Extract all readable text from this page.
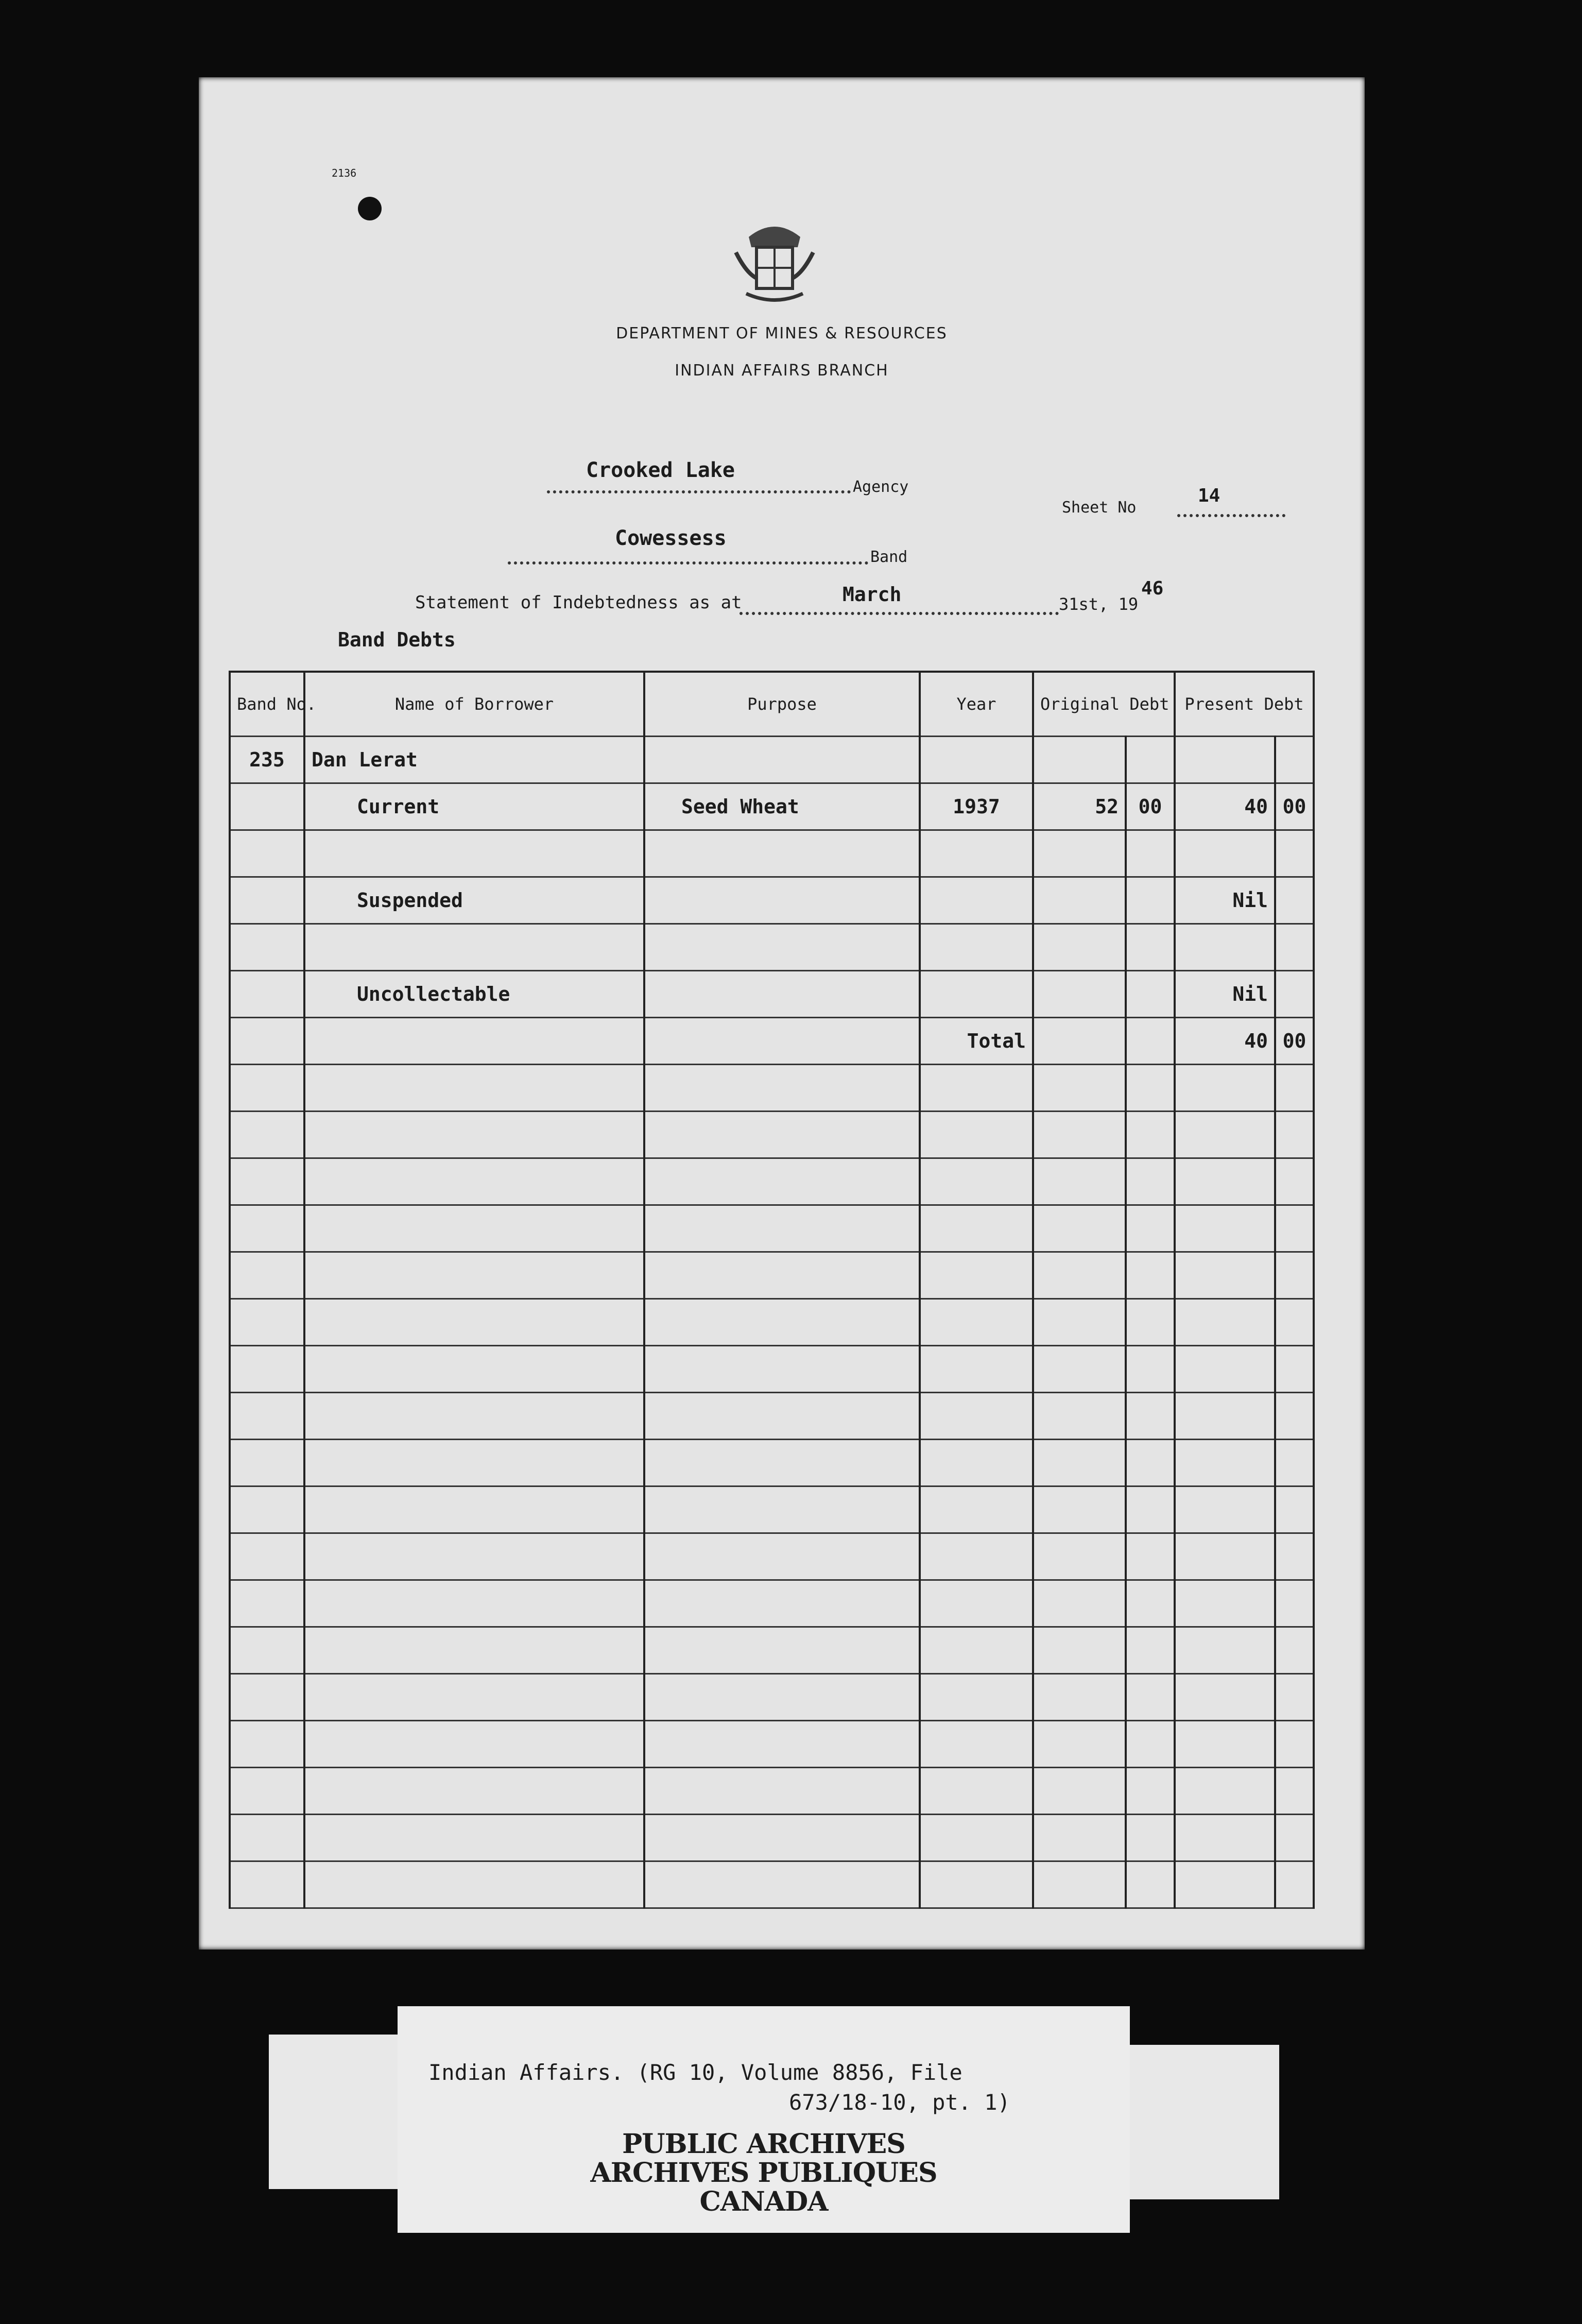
2136
DEPARTMENT OF MINES & RESOURCES
INDIAN AFFAIRS BRANCH
Crooked Lake
Agency
Sheet No
14
Cowessess
Band
Statement of Indebtedness as at	March	31st, 19
46
Band Debts
Band No.	Name of Borrower	Purpose	Year	Original Debt		Present Debt	
235	Dan Lerat						
	Current	Seed Wheat	1937	52	00	40	00

	Suspended					Nil	

	Uncollectable					Nil	
			Total			40	00

Indian Affairs. (RG 10, Volume 8856, File
673/18-10, pt. 1)
PUBLIC ARCHIVES
ARCHIVES PUBLIQUES
CANADA
